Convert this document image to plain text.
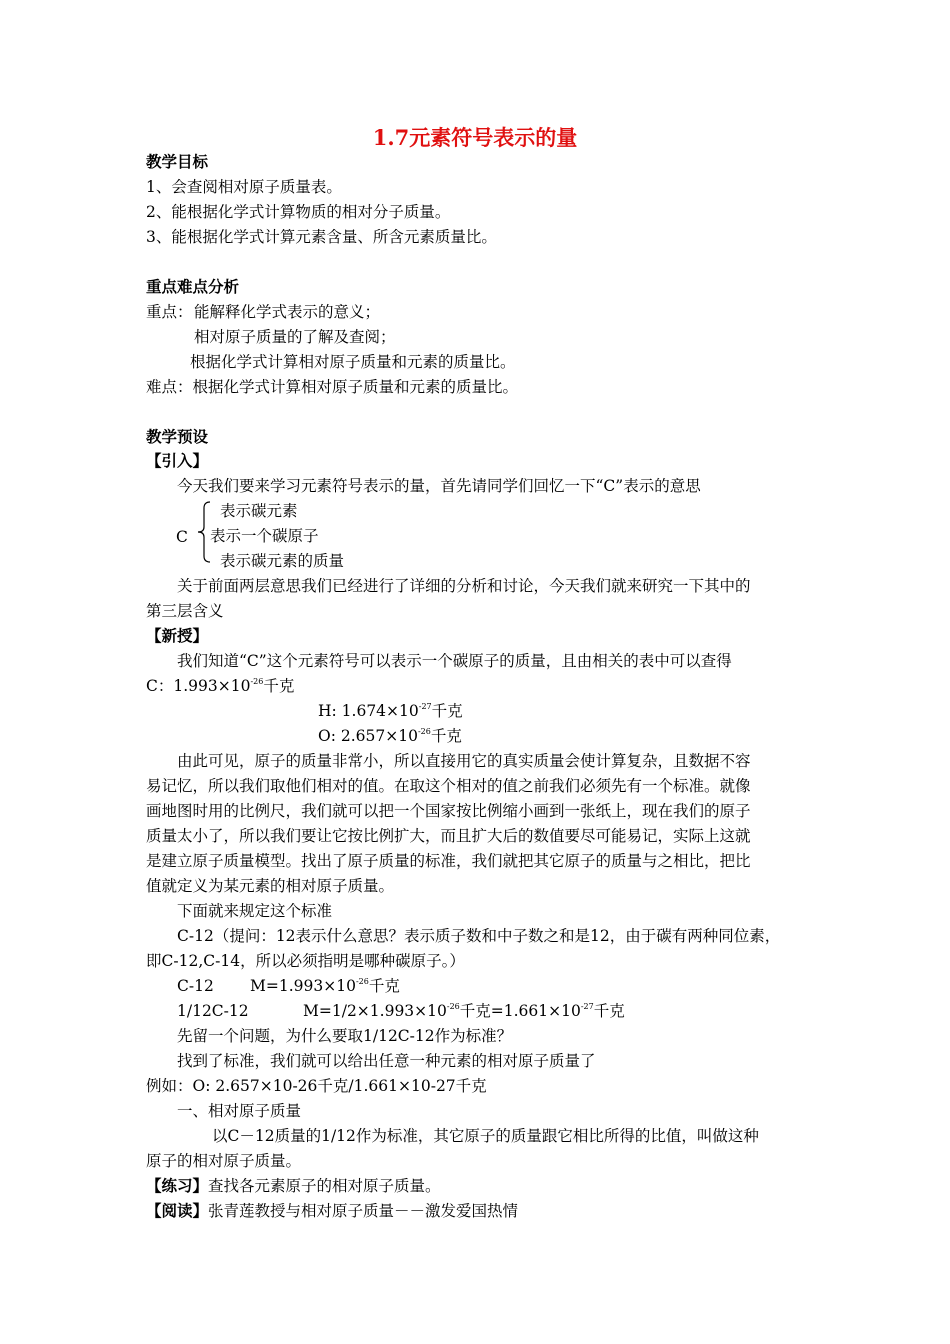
1.7元素符号表示的量
教学目标
1、会查阅相对原子质量表。
2、能根据化学式计算物质的相对分子质量。
3、能根据化学式计算元素含量、所含元素质量比。
重点难点分析
重点： 能解释化学式表示的意义；
相对原子质量的了解及查阅；
根据化学式计算相对原子质量和元素的质量比。
难点：根据化学式计算相对原子质量和元素的质量比。
教学预设
【引入】
今天我们要来学习元素符号表示的量，首先请同学们回忆一下“C”表示的意思
C
表示碳元素
表示一个碳原子
表示碳元素的质量
关于前面两层意思我们已经进行了详细的分析和讨论，今天我们就来研究一下其中的
第三层含义
【新授】
我们知道“C”这个元素符号可以表示一个碳原子的质量，且由相关的表中可以查得
C：$1.993\times 10^{-26}$千克
H: $1.674\times 10^{-27}$千克
O: $2.657\times 10^{-26}$千克
由此可见，原子的质量非常小，所以直接用它的真实质量会使计算复杂，且数据不容
易记忆，所以我们取他们相对的值。在取这个相对的值之前我们必须先有一个标准。就像
画地图时用的比例尺，我们就可以把一个国家按比例缩小画到一张纸上，现在我们的原子
质量太小了，所以我们要让它按比例扩大，而且扩大后的数值要尽可能易记，实际上这就
是建立原子质量模型。找出了原子质量的标准，我们就把其它原子的质量与之相比，把比
值就定义为某元素的相对原子质量。
下面就来规定这个标准
C-12（提问：12表示什么意思？表示质子数和中子数之和是12，由于碳有两种同位素，
即C-12,C-14，所以必须指明是哪种碳原子。）
C-12 $M=1.993\times 10^{-26}$千克
1/12C-12	$M=1/2\times 1.993\times 10^{-26}$千克$=1.661\times 10^{-27}$千克
先留一个问题，为什么要取1/12C-12作为标准？
找到了标准，我们就可以给出任意一种元素的相对原子质量了
例如：O: 2.657×10-26千克/1.661×10-27千克
一、相对原子质量
以C－12质量的1/12作为标准，其它原子的质量跟它相比所得的比值，叫做这种
原子的相对原子质量。
【练习】查找各元素原子的相对原子质量。
【阅读】张青莲教授与相对原子质量－－激发爱国热情
